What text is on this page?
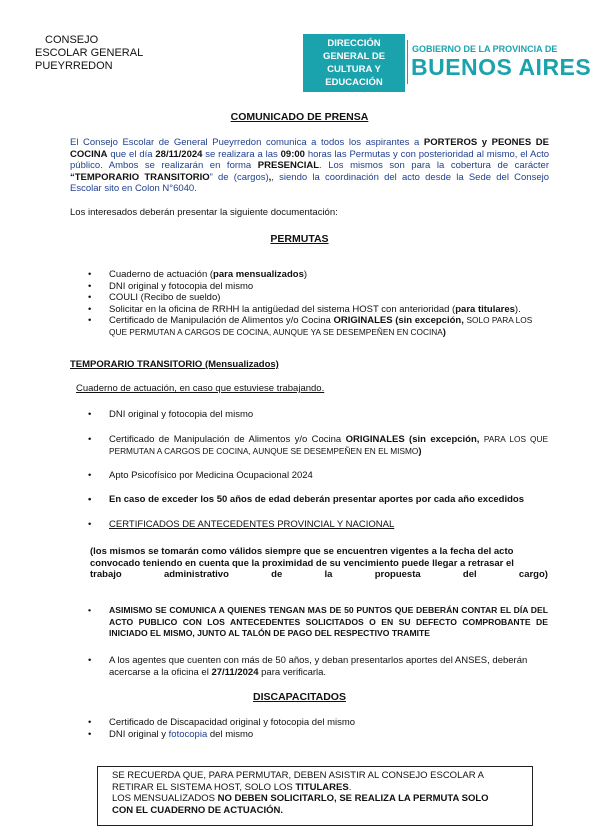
CONSEJO
ESCOLAR GENERAL
PUEYRREDON
DIRECCIÓN GENERAL DE
CULTURA Y EDUCACIÓN
GOBIERNO DE LA PROVINCIA DE
BUENOS AIRES
COMUNICADO DE PRENSA
El Consejo Escolar de General Pueyrredon comunica a todos los aspirantes a PORTEROS y PEONES DE COCINA que el día 28/11/2024 se realizara a las 09:00 horas las Permutas y con posterioridad al mismo, el Acto público. Ambos se realizarán en forma PRESENCIAL. Los mismos son para la cobertura de carácter “TEMPORARIO TRANSITORIO” de (cargos),, siendo la coordinación del acto desde la Sede del Consejo Escolar sito en Colon N°6040.
Los interesados deberán presentar la siguiente documentación:
PERMUTAS
• Cuaderno de actuación (para mensualizados)
• DNI original y fotocopia del mismo
• COULI (Recibo de sueldo)
• Solicitar en la oficina de RRHH la antigüedad del sistema HOST con anterioridad (para titulares).
• Certificado de Manipulación de Alimentos y/o Cocina ORIGINALES (sin excepción, SOLO PARA LOS QUE PERMUTAN A CARGOS DE COCINA, AUNQUE YA SE DESEMPEÑEN EN COCINA)
TEMPORARIO TRANSITORIO (Mensualizados)
Cuaderno de actuación, en caso que estuviese trabajando.
• DNI original y fotocopia del mismo
• Certificado de Manipulación de Alimentos y/o Cocina ORIGINALES (sin excepción, PARA LOS QUE PERMUTAN A CARGOS DE COCINA, AUNQUE SE DESEMPEÑEN EN EL MISMO)
• Apto Psicofísico por Medicina Ocupacional 2024
• En caso de exceder los 50 años de edad deberán presentar aportes por cada año excedidos
• CERTIFICADOS DE ANTECEDENTES PROVINCIAL Y NACIONAL
(los mismos se tomarán como válidos siempre que se encuentren vigentes a la fecha del acto
convocado teniendo en cuenta que la proximidad de su vencimiento puede llegar a retrasar el
trabajo	administrativo	de	la	propuesta	del	cargo)
• ASIMISMO SE COMUNICA A QUIENES TENGAN MAS DE 50 PUNTOS QUE DEBERÁN CONTAR EL DÍA DEL ACTO PUBLICO CON LOS ANTECEDENTES SOLICITADOS O EN SU DEFECTO COMPROBANTE DE INICIADO EL MISMO, JUNTO AL TALÓN DE PAGO DEL RESPECTIVO TRAMITE
• A los agentes que cuenten con más de 50 años, y deban presentarlos aportes del ANSES, deberán acercarse a la oficina el 27/11/2024 para verificarla.
DISCAPACITADOS
• Certificado de Discapacidad original y fotocopia del mismo
• DNI original y fotocopia del mismo
SE RECUERDA QUE, PARA PERMUTAR, DEBEN ASISTIR AL CONSEJO ESCOLAR A
RETIRAR EL SISTEMA HOST, SOLO LOS TITULARES.
LOS MENSUALIZADOS NO DEBEN SOLICITARLO, SE REALIZA LA PERMUTA SOLO
CON EL CUADERNO DE ACTUACIÓN.
